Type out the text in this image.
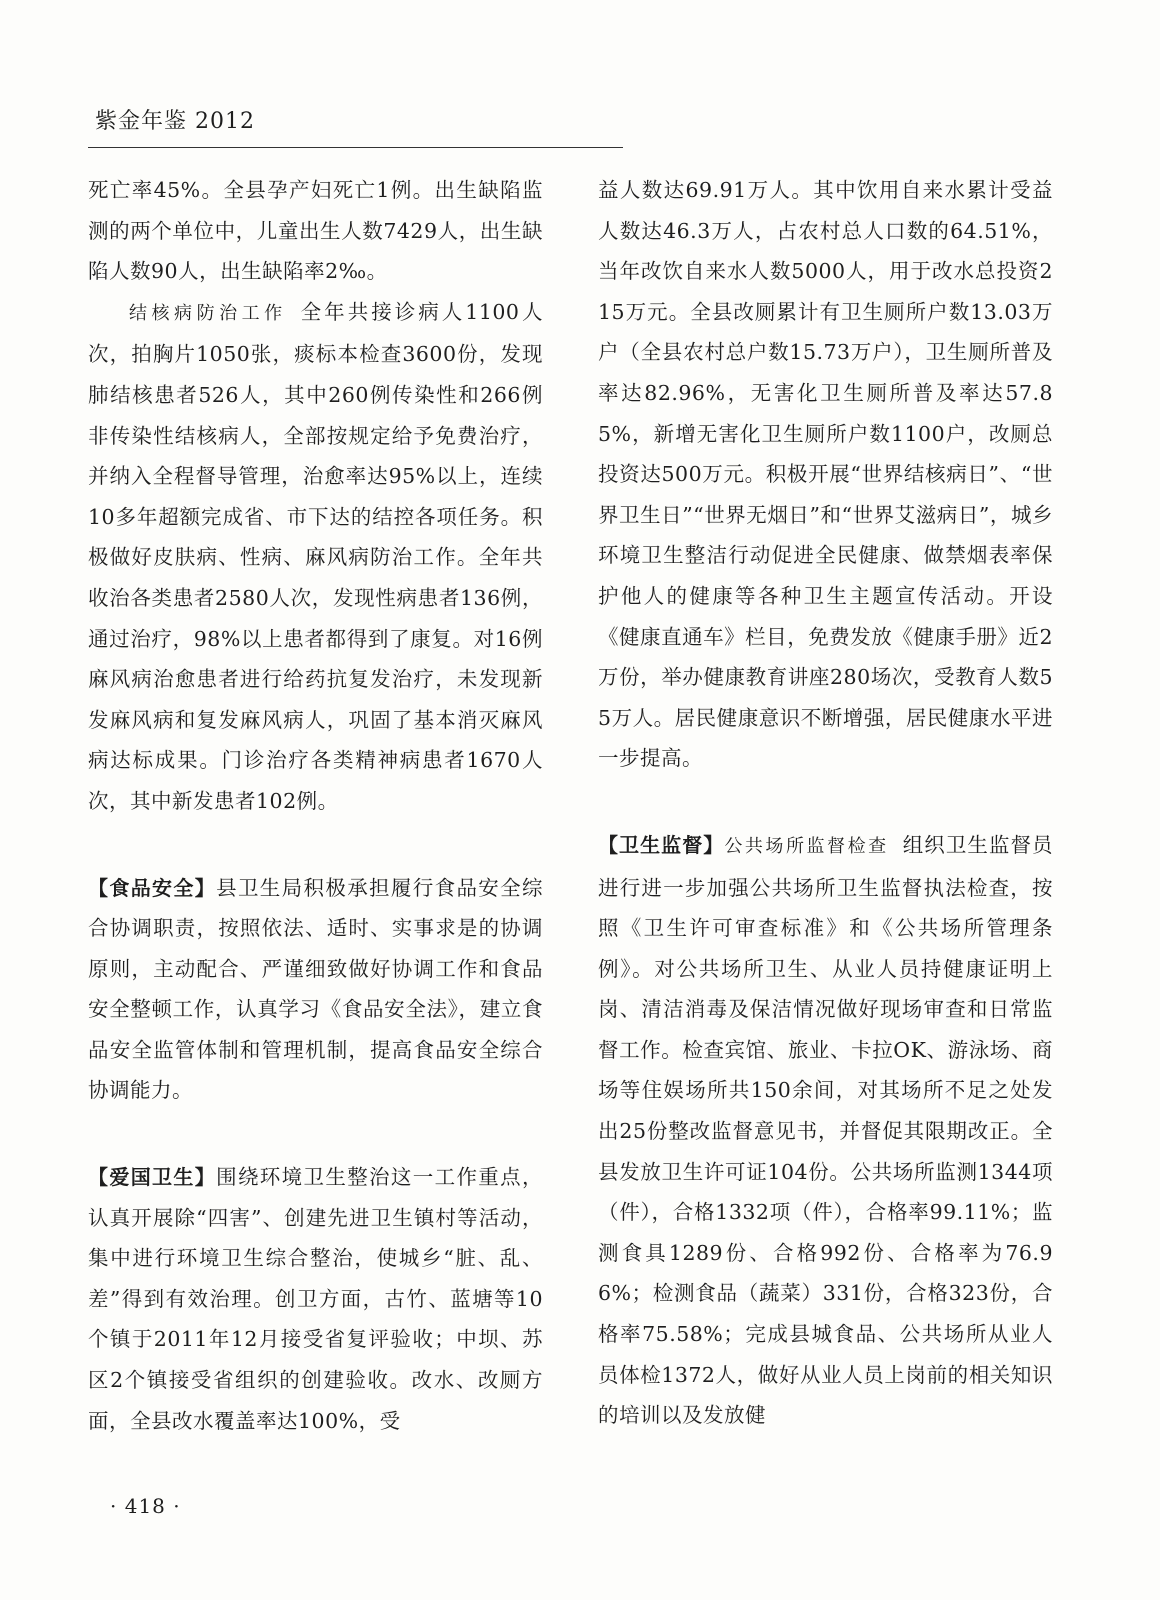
紫金年鉴 2012

死亡率45%。全县孕产妇死亡1例。出生缺陷监测的两个单位中，儿童出生人数7429人，出生缺陷人数90人，出生缺陷率2‰。

结核病防治工作 全年共接诊病人1100人次，拍胸片1050张，痰标本检查3600份，发现肺结核患者526人，其中260例传染性和266例非传染性结核病人，全部按规定给予免费治疗，并纳入全程督导管理，治愈率达95%以上，连续10多年超额完成省、市下达的结控各项任务。积极做好皮肤病、性病、麻风病防治工作。全年共收治各类患者2580人次，发现性病患者136例，通过治疗，98%以上患者都得到了康复。对16例麻风病治愈患者进行给药抗复发治疗，未发现新发麻风病和复发麻风病人，巩固了基本消灭麻风病达标成果。门诊治疗各类精神病患者1670人次，其中新发患者102例。

【食品安全】县卫生局积极承担履行食品安全综合协调职责，按照依法、适时、实事求是的协调原则，主动配合、严谨细致做好协调工作和食品安全整顿工作，认真学习《食品安全法》，建立食品安全监管体制和管理机制，提高食品安全综合协调能力。

【爱国卫生】围绕环境卫生整治这一工作重点，认真开展除“四害”、创建先进卫生镇村等活动，集中进行环境卫生综合整治，使城乡“脏、乱、差”得到有效治理。创卫方面，古竹、蓝塘等10个镇于2011年12月接受省复评验收；中坝、苏区2个镇接受省组织的创建验收。改水、改厕方面，全县改水覆盖率达100%，受

益人数达69.91万人。其中饮用自来水累计受益人数达46.3万人，占农村总人口数的64.51%，当年改饮自来水人数5000人，用于改水总投资215万元。全县改厕累计有卫生厕所户数13.03万户（全县农村总户数15.73万户），卫生厕所普及率达82.96%，无害化卫生厕所普及率达57.85%，新增无害化卫生厕所户数1100户，改厕总投资达500万元。积极开展“世界结核病日”、“世界卫生日”“世界无烟日”和“世界艾滋病日”，城乡环境卫生整洁行动促进全民健康、做禁烟表率保护他人的健康等各种卫生主题宣传活动。开设《健康直通车》栏目，免费发放《健康手册》近2万份，举办健康教育讲座280场次，受教育人数55万人。居民健康意识不断增强，居民健康水平进一步提高。

【卫生监督】公共场所监督检查 组织卫生监督员进行进一步加强公共场所卫生监督执法检查，按照《卫生许可审查标准》和《公共场所管理条例》。对公共场所卫生、从业人员持健康证明上岗、清洁消毒及保洁情况做好现场审查和日常监督工作。检查宾馆、旅业、卡拉OK、游泳场、商场等住娱场所共150余间，对其场所不足之处发出25份整改监督意见书，并督促其限期改正。全县发放卫生许可证104份。公共场所监测1344项（件），合格1332项（件），合格率99.11%；监测食具1289份、合格992份、合格率为76.96%；检测食品（蔬菜）331份，合格323份，合格率75.58%；完成县城食品、公共场所从业人员体检1372人，做好从业人员上岗前的相关知识的培训以及发放健

· 418 ·
